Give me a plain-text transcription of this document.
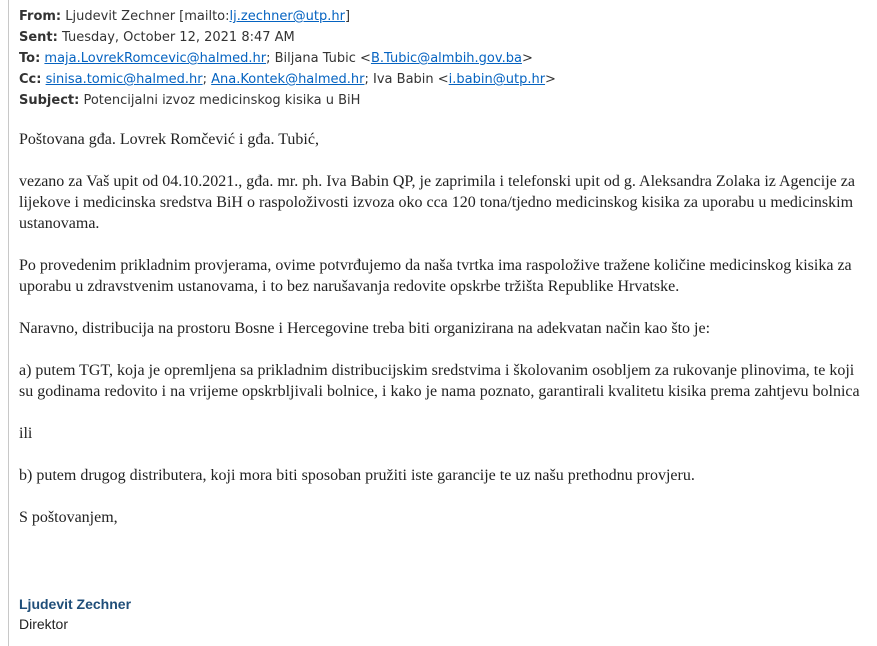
From: Ljudevit Zechner [mailto:lj.zechner@utp.hr]
Sent: Tuesday, October 12, 2021 8:47 AM
To: maja.LovrekRomcevic@halmed.hr; Biljana Tubic <B.Tubic@almbih.gov.ba>
Cc: sinisa.tomic@halmed.hr; Ana.Kontek@halmed.hr; Iva Babin <i.babin@utp.hr>
Subject: Potencijalni izvoz medicinskog kisika u BiH

Poštovana gđa. Lovrek Romčević i gđa. Tubić,

vezano za Vaš upit od 04.10.2021., gđa. mr. ph. Iva Babin QP, je zaprimila i telefonski upit od g. Aleksandra Zolaka iz Agencije za lijekove i medicinska sredstva BiH o raspoloživosti izvoza oko cca 120 tona/tjedno medicinskog kisika za uporabu u medicinskim ustanovama.

Po provedenim prikladnim provjerama, ovime potvrđujemo da naša tvrtka ima raspoložive tražene količine medicinskog kisika za uporabu u zdravstvenim ustanovama, i to bez narušavanja redovite opskrbe tržišta Republike Hrvatske.

Naravno, distribucija na prostoru Bosne i Hercegovine treba biti organizirana na adekvatan način kao što je:

a) putem TGT, koja je opremljena sa prikladnim distribucijskim sredstvima i školovanim osobljem za rukovanje plinovima, te koji su godinama redovito i na vrijeme opskrbljivali bolnice, i kako je nama poznato, garantirali kvalitetu kisika prema zahtjevu bolnica

ili

b) putem drugog distributera, koji mora biti sposoban pružiti iste garancije te uz našu prethodnu provjeru.

S poštovanjem,

Ljudevit Zechner
Direktor
